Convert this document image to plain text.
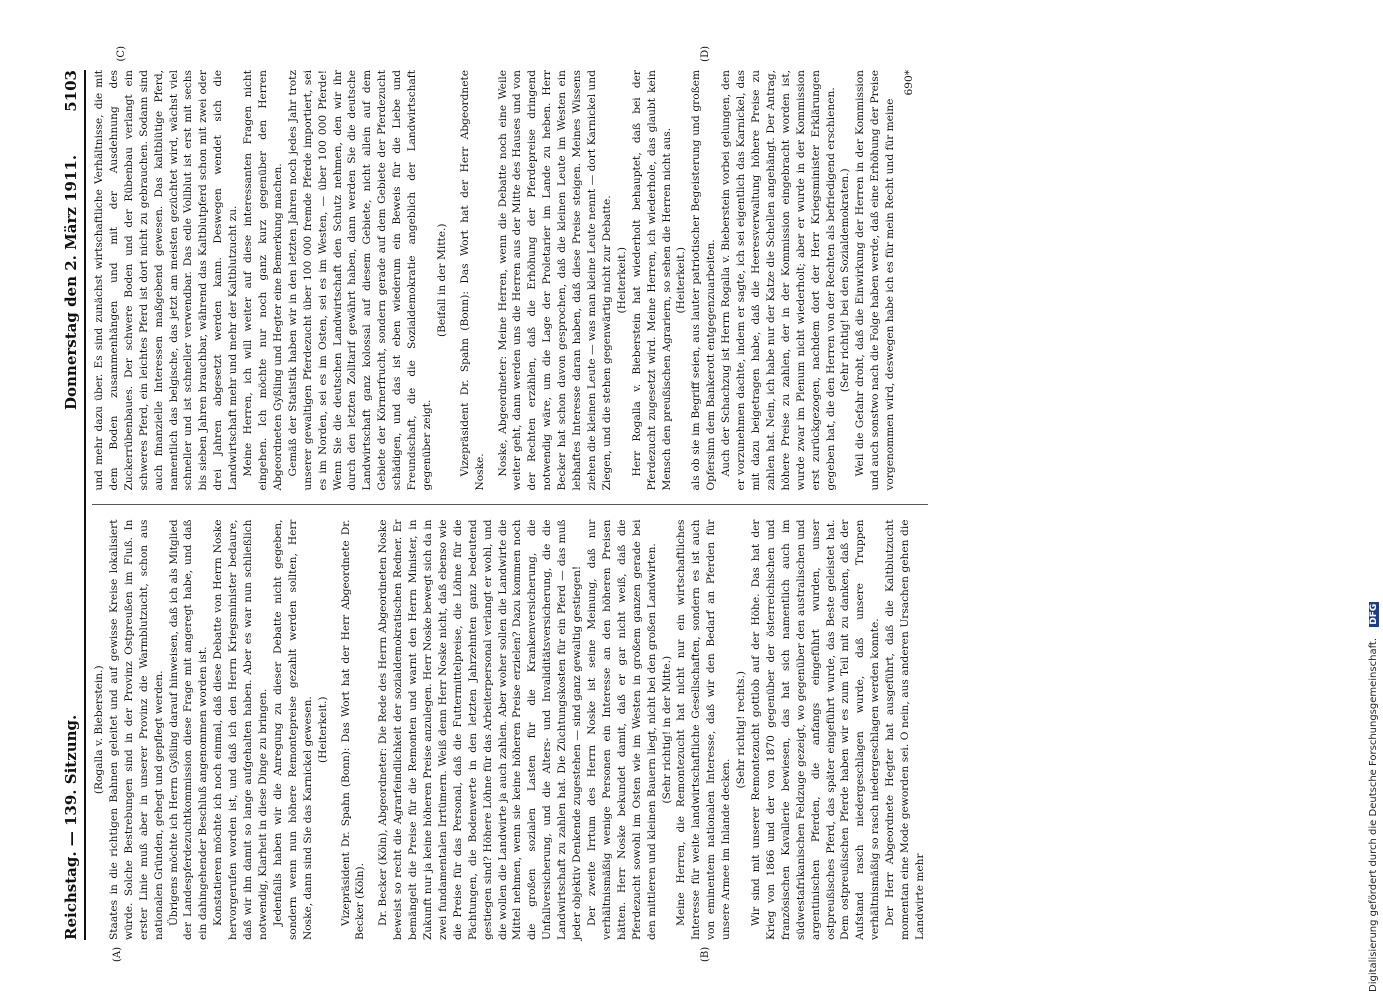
Reichstag. — 139. Sitzung.
Donnerstag den 2. März 1911.
5103
(A)	(B)
(C)	(D)

(Rogalla v. Bieberstein.) Staates in die richtigen Bahnen geleitet und auf gewisse Kreise lokalisiert würde. Solche Bestrebungen sind in der Provinz Ostpreußen im Fluß. In erster Linie muß aber in unserer Provinz die Warmblutzucht, schon aus nationalen Gründen, gehegt und gepflegt werden. Übrigens möchte ich Herrn Gyßling darauf hinweisen, daß ich als Mitglied der Landespferdezuchtkommission diese Frage mit angeregt habe, und daß ein dahingehender Beschluß angenommen worden ist. Konstatieren möchte ich noch einmal, daß diese Debatte von Herrn Noske hervorgerufen worden ist, und daß ich den Herrn Kriegsminister bedaure, daß wir ihn damit so lange aufgehalten haben. Aber es war nun schließlich notwendig, Klarheit in diese Dinge zu bringen. Jedenfalls haben wir die Anregung zu dieser Debatte nicht gegeben, sondern wenn nun höhere Remontepreise gezahlt werden sollten, Herr Noske, dann sind Sie das Karnickel gewesen. (Heiterkeit.) Vizepräsident Dr. Spahn (Bonn): Das Wort hat der Herr Abgeordnete Dr. Becker (Köln). Dr. Becker (Köln), Abgeordneter: Die Rede des Herrn Abgeordneten Noske beweist so recht die Agrarfeindlichkeit der sozialdemokratischen Redner. Er bemängelt die Preise für die Remonten und warnt den Herrn Minister, in Zukunft nur ja keine höheren Preise anzulegen. Herr Noske bewegt sich da in zwei fundamentalen Irrtümern. Weiß denn Herr Noske nicht, daß ebenso wie die Preise für das Personal, daß die Futtermittelpreise, die Löhne für die Pächtungen, die Bodenwerte in den letzten Jahrzehnten ganz bedeutend gestiegen sind? Höhere Löhne für das Arbeiterpersonal verlangt er wohl, und die wollen die Landwirte ja auch zahlen. Aber woher sollen die Landwirte die Mittel nehmen, wenn sie keine höheren Preise erzielen? Dazu kommen noch die großen sozialen Lasten für die Krankenversicherung, die Unfallversicherung, und die Alters- und Invaliditätsversicherung, die die Landwirtschaft zu zahlen hat. Die Züchtungskosten für ein Pferd — das muß jeder objektiv Denkende zugestehen — sind ganz gewaltig gestiegen! Der zweite Irrtum des Herrn Noske ist seine Meinung, daß nur verhältnismäßig wenige Personen ein Interesse an den höheren Preisen hätten. Herr Noske bekundet damit, daß er gar nicht weiß, daß die Pferdezucht sowohl im Osten wie im Westen in großem ganzen gerade bei den mittleren und kleinen Bauern liegt, nicht bei den großen Landwirten. (Sehr richtig! in der Mitte.) Meine Herren, die Remontezucht hat nicht nur ein wirtschaftliches Interesse für weite landwirtschaftliche Gesellschaften, sondern es ist auch von eminentem nationalen Interesse, daß wir den Bedarf an Pferden für unsere Armee im Inlande decken.

(Sehr richtig! rechts.) Wir sind mit unserer Remontezucht gottlob auf der Höhe. Das hat der Krieg von 1866 und der von 1870 gegenüber der österreichischen und französischen Kavallerie bewiesen, das hat sich namentlich auch im südwestafrikanischen Feldzuge gezeigt, wo gegenüber den australischen und argentinischen Pferden, die anfangs eingeführt wurden, unser ostpreußisches Pferd, das später eingeführt wurde, das Beste geleistet hat. Dem ostpreußischen Pferde haben wir es zum Teil mit zu danken, daß der Aufstand rasch niedergeschlagen wurde, daß unsere Truppen verhältnismäßig so rasch niedergeschlagen werden konnte. Der Herr Abgeordnete Hegter hat ausgeführt, daß die Kaltblutzucht momentan eine Mode geworden sei. O nein, aus anderen Ursachen gehen die Landwirte mehr

und mehr dazu über. Es sind zunächst wirtschaftliche Verhältnisse, die mit dem Boden zusammenhängen und mit der Ausdehnung des Zuckerrübenbaues. Der schwere Boden und der Rübenbau verlangt ein schweres Pferd, ein leichtes Pferd ist dort nicht zu gebrauchen. Sodann sind auch finanzielle Interessen maßgebend gewesen. Das kaltblütige Pferd, namentlich das belgische, das jetzt am meisten gezüchtet wird, wächst viel schneller und ist schneller verwendbar. Das edle Vollblut ist erst mit sechs bis sieben Jahren brauchbar, während das Kaltblutpferd schon mit zwei oder drei Jahren abgesetzt werden kann. Deswegen wendet sich die Landwirtschaft mehr und mehr der Kaltblutzucht zu. Meine Herren, ich will weiter auf diese interessanten Fragen nicht eingehen. Ich möchte nur noch ganz kurz gegenüber den Herren Abgeordneten Gyßling und Hegter eine Bemerkung machen. Gemäß der Statistik haben wir in den letzten Jahren noch jedes Jahr trotz unserer gewaltigen Pferdezucht über 100 000 fremde Pferde importiert, sei es im Norden, sei es im Osten, sei es im Westen, — über 100 000 Pferde! Wenn Sie die deutschen Landwirtschaft den Schutz nehmen, den wir ihr durch den letzten Zolltarif gewährt haben, dann werden Sie die deutsche Landwirtschaft ganz kolossal auf diesem Gebiete, nicht allein auf dem Gebiete der Körnerfrucht, sondern gerade auf dem Gebiete der Pferdezucht schädigen, und das ist eben wiederum ein Beweis für die Liebe und Freundschaft, die die Sozialdemokratie angeblich der Landwirtschaft gegenüber zeigt.

(Beifall in der Mitte.) Vizepräsident Dr. Spahn (Bonn): Das Wort hat der Herr Abgeordnete Noske. Noske, Abgeordneter: Meine Herren, wenn die Debatte noch eine Weile weiter geht, dann werden uns die Herren aus der Mitte des Hauses und von der Rechten erzählen, daß die Erhöhung der Pferdepreise dringend notwendig wäre, um die Lage der Proletarier im Lande zu heben. Herr Becker hat schon davon gesprochen, daß die kleinen Leute im Westen ein lebhaftes Interesse daran haben, daß diese Preise steigen. Meines Wissens ziehen die kleinen Leute — was man kleine Leute nennt — dort Karnickel und Ziegen, und die stehen gegenwärtig nicht zur Debatte. (Heiterkeit.) Herr Rogalla v. Bieberstein hat wiederholt behauptet, daß bei der Pferdezucht zugesetzt wird. Meine Herren, ich wiederhole, das glaubt kein Mensch den preußischen Agrariern, so sehen die Herren nicht aus. (Heiterkeit.) als ob sie im Begriff seien, aus lauter patriotischer Begeisterung und großem Opfersinn dem Bankerott entgegenzuarbeiten. Auch der Schachzug ist Herrn Rogalla v. Bieberstein vorbei gelungen, den er vorzunehmen dachte, indem er sagte, ich sei eigentlich das Karnickel, das mit dazu beigetragen habe, daß die Heeresverwaltung höhere Preise zu zahlen hat. Nein, ich habe nur der Katze die Schellen angehängt. Der Antrag, höhere Preise zu zahlen, der in der Kommission eingebracht worden ist, wurde zwar im Plenum nicht wiederholt; aber er wurde in der Kommission erst zurückgezogen, nachdem dort der Herr Kriegsminister Erklärungen gegeben hat, die den Herren von der Rechten als befriedigend erschienen. (Sehr richtig! bei den Sozialdemokraten.) Weil die Gefahr droht, daß die Einwirkung der Herren in der Kommission und auch sonstwo nach die Folge haben werde, daß eine Erhöhung der Preise vorgenommen wird, deswegen habe ich es für mein Recht und für meine

690*
Digitalisierung gefördert durch die Deutsche Forschungsgemeinschaft. DFG
